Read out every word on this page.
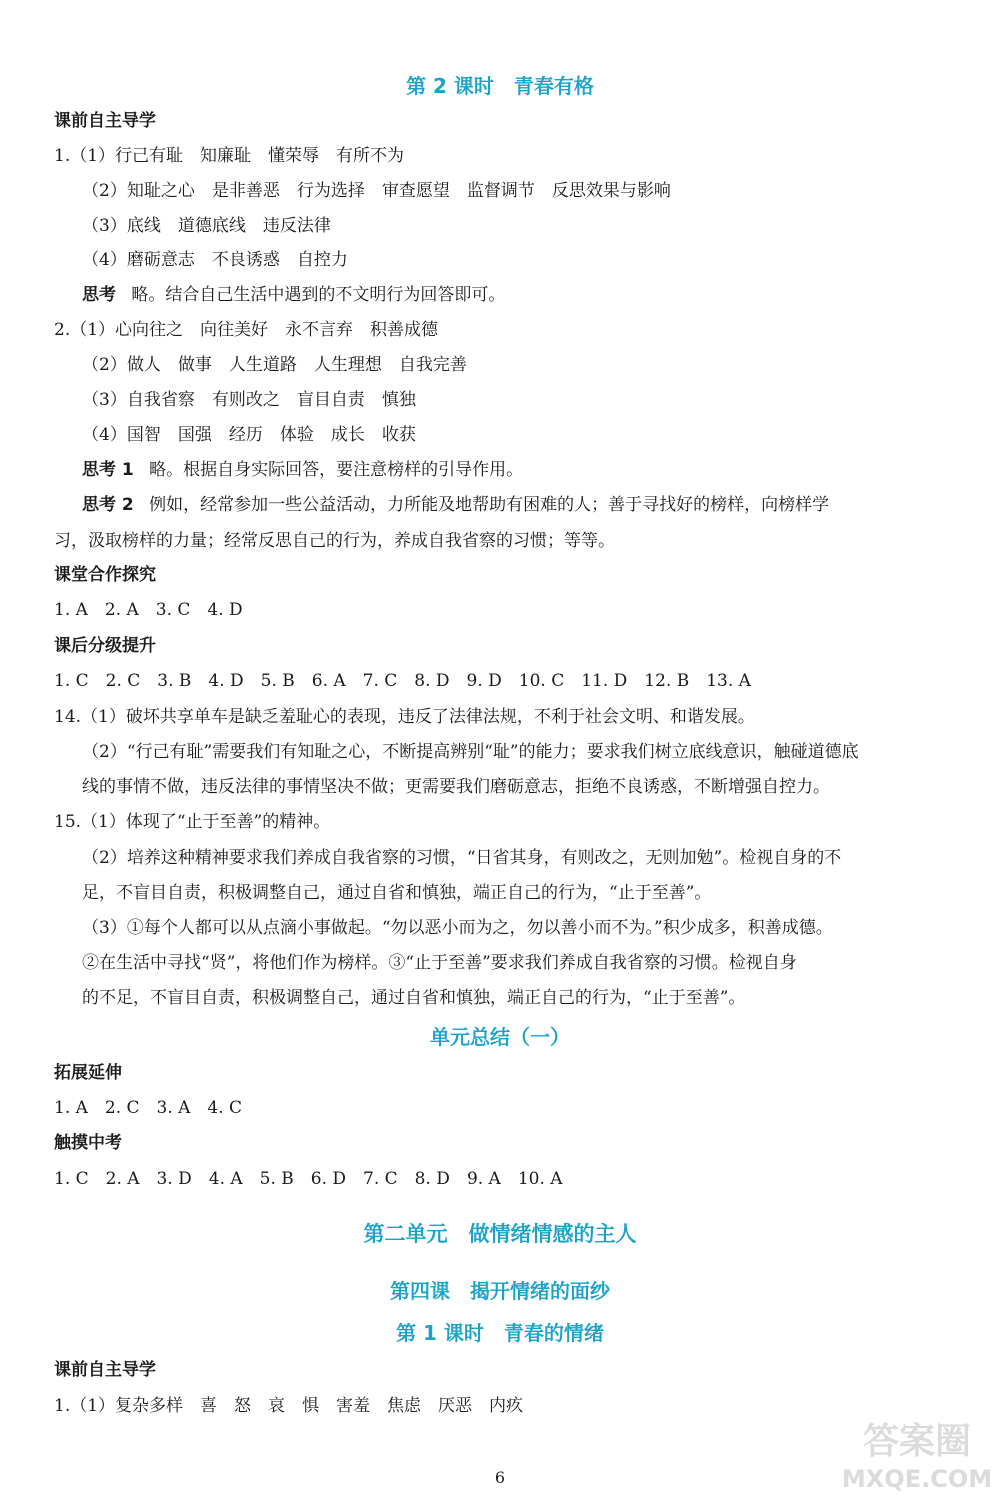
第 2 课时　青春有格
课前自主导学
1.（1）行己有耻　知廉耻　懂荣辱　有所不为
（2）知耻之心　是非善恶　行为选择　审查愿望　监督调节　反思效果与影响
（3）底线　道德底线　违反法律
（4）磨砺意志　不良诱惑　自控力
思考 略。结合自己生活中遇到的不文明行为回答即可。
2.（1）心向往之　向往美好　永不言弃　积善成德
（2）做人　做事　人生道路　人生理想　自我完善
（3）自我省察　有则改之　盲目自责　慎独
（4）国智　国强　经历　体验　成长　收获
思考 1 略。根据自身实际回答，要注意榜样的引导作用。
思考 2 例如，经常参加一些公益活动，力所能及地帮助有困难的人；善于寻找好的榜样，向榜样学
习，汲取榜样的力量；经常反思自己的行为，养成自我省察的习惯；等等。
课堂合作探究
1. A　2. A　3. C　4. D
课后分级提升
1. C　2. C　3. B　4. D　5. B　6. A　7. C　8. D　9. D　10. C　11. D　12. B　13. A
14.（1）破坏共享单车是缺乏羞耻心的表现，违反了法律法规，不利于社会文明、和谐发展。
（2）“行己有耻”需要我们有知耻之心，不断提高辨别“耻”的能力；要求我们树立底线意识，触碰道德底
线的事情不做，违反法律的事情坚决不做；更需要我们磨砺意志，拒绝不良诱惑，不断增强自控力。
15.（1）体现了“止于至善”的精神。
（2）培养这种精神要求我们养成自我省察的习惯，“日省其身，有则改之，无则加勉”。检视自身的不
足，不盲目自责，积极调整自己，通过自省和慎独，端正自己的行为，“止于至善”。
（3）①每个人都可以从点滴小事做起。“勿以恶小而为之，勿以善小而不为。”积少成多，积善成德。
②在生活中寻找“贤”，将他们作为榜样。③“止于至善”要求我们养成自我省察的习惯。检视自身
的不足，不盲目自责，积极调整自己，通过自省和慎独，端正自己的行为，“止于至善”。
单元总结（一）
拓展延伸
1. A　2. C　3. A　4. C
触摸中考
1. C　2. A　3. D　4. A　5. B　6. D　7. C　8. D　9. A　10. A
第二单元　做情绪情感的主人
第四课　揭开情绪的面纱
第 1 课时　青春的情绪
课前自主导学
1.（1）复杂多样　喜　怒　哀　惧　害羞　焦虑　厌恶　内疚
6
答案圈
MXQE.COM
